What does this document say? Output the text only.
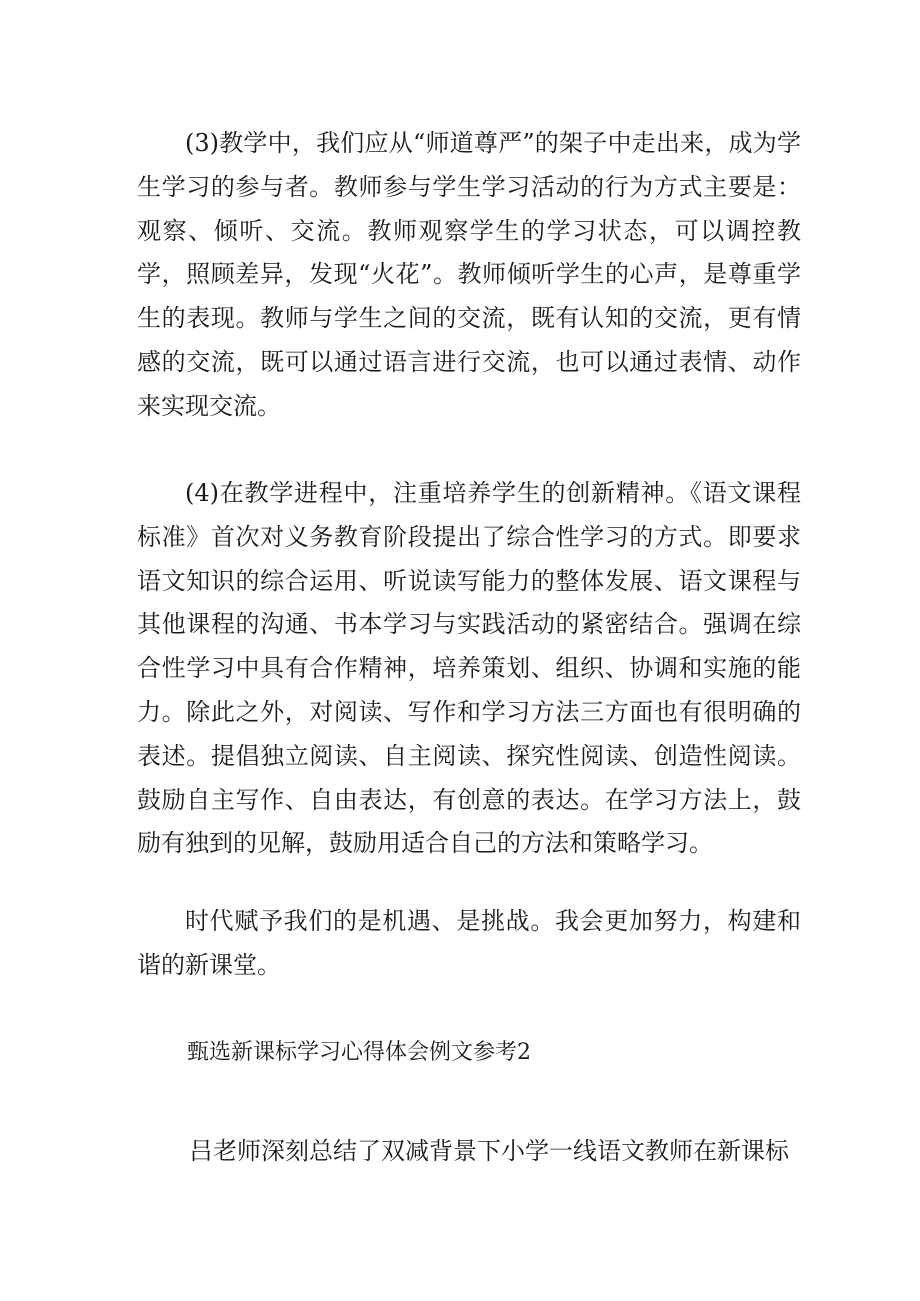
(3)教学中，我们应从“师道尊严”的架子中走出来，成为学生学习的参与者。教师参与学生学习活动的行为方式主要是：观察、倾听、交流。教师观察学生的学习状态，可以调控教学，照顾差异，发现“火花”。教师倾听学生的心声，是尊重学生的表现。教师与学生之间的交流，既有认知的交流，更有情感的交流，既可以通过语言进行交流，也可以通过表情、动作来实现交流。

(4)在教学进程中，注重培养学生的创新精神。《语文课程标准》首次对义务教育阶段提出了综合性学习的方式。即要求语文知识的综合运用、听说读写能力的整体发展、语文课程与其他课程的沟通、书本学习与实践活动的紧密结合。强调在综合性学习中具有合作精神，培养策划、组织、协调和实施的能力。除此之外，对阅读、写作和学习方法三方面也有很明确的表述。提倡独立阅读、自主阅读、探究性阅读、创造性阅读。鼓励自主写作、自由表达，有创意的表达。在学习方法上，鼓励有独到的见解，鼓励用适合自己的方法和策略学习。

时代赋予我们的是机遇、是挑战。我会更加努力，构建和谐的新课堂。

甄选新课标学习心得体会例文参考2

吕老师深刻总结了双减背景下小学一线语文教师在新课标
